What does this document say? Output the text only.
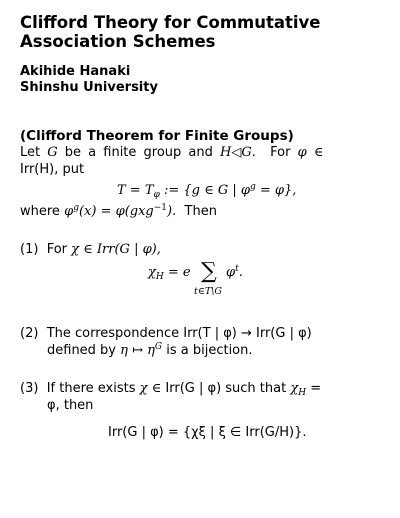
Clifford Theory for Commutative
Association Schemes
Akihide Hanaki
Shinshu University
(Clifford Theorem for Finite Groups)
Let G be a finite group and H◁G.  For φ ∈
Irr(H), put
$T = T_\varphi$ := {g ∈ G | $\varphi^g = \varphi$},
where $\varphi^g(x) = \varphi(gxg^{-1})$. Then
(1) For χ ∈ Irr(G | φ),
$\chi_H = e$ ∑
t∈T\G
$\varphi^t$.
(2) The correspondence Irr(T | φ) → Irr(G | φ)
defined by η ↦ $\eta^G$ is a bijection.
(3) If there exists χ ∈ Irr(G | φ) such that $\chi_H$ =
φ, then
Irr(G | φ) = {χξ | ξ ∈ Irr(G/H)}.
